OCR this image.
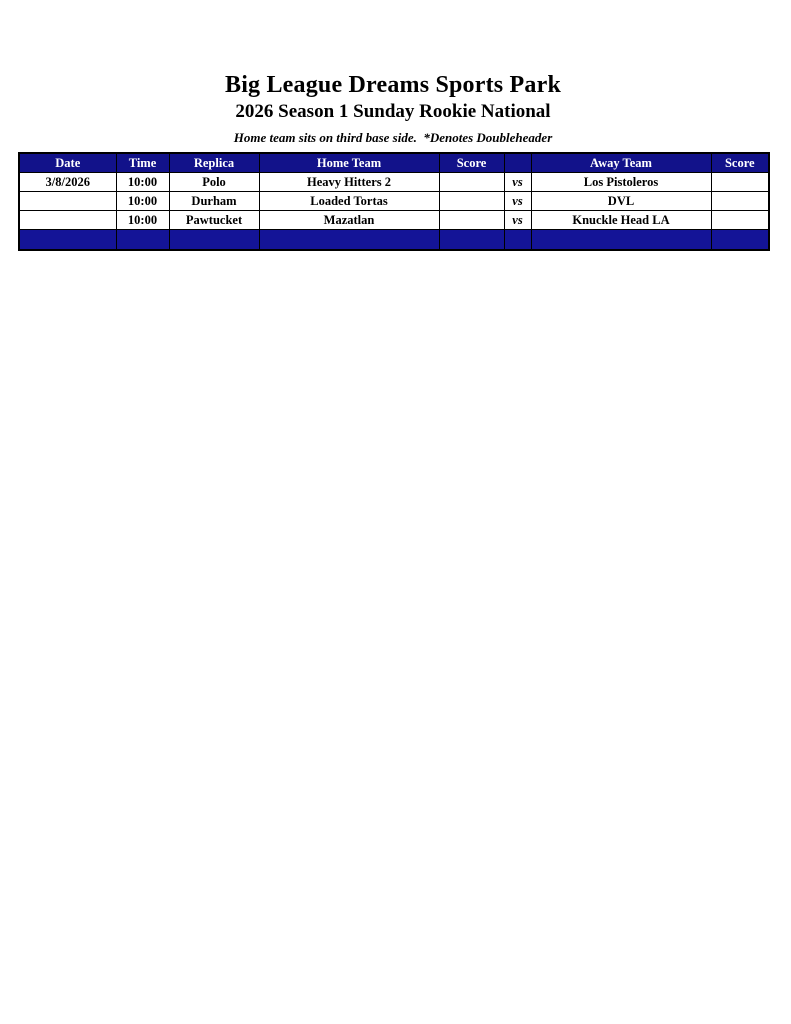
Big League Dreams Sports Park
2026 Season 1 Sunday Rookie National

Home team sits on third base side.  *Denotes Doubleheader

Date	Time	Replica	Home Team	Score		Away Team	Score
3/8/2026	10:00	Polo	Heavy Hitters 2		vs	Los Pistoleros	
	10:00	Durham	Loaded Tortas		vs	DVL	
	10:00	Pawtucket	Mazatlan		vs	Knuckle Head LA	
